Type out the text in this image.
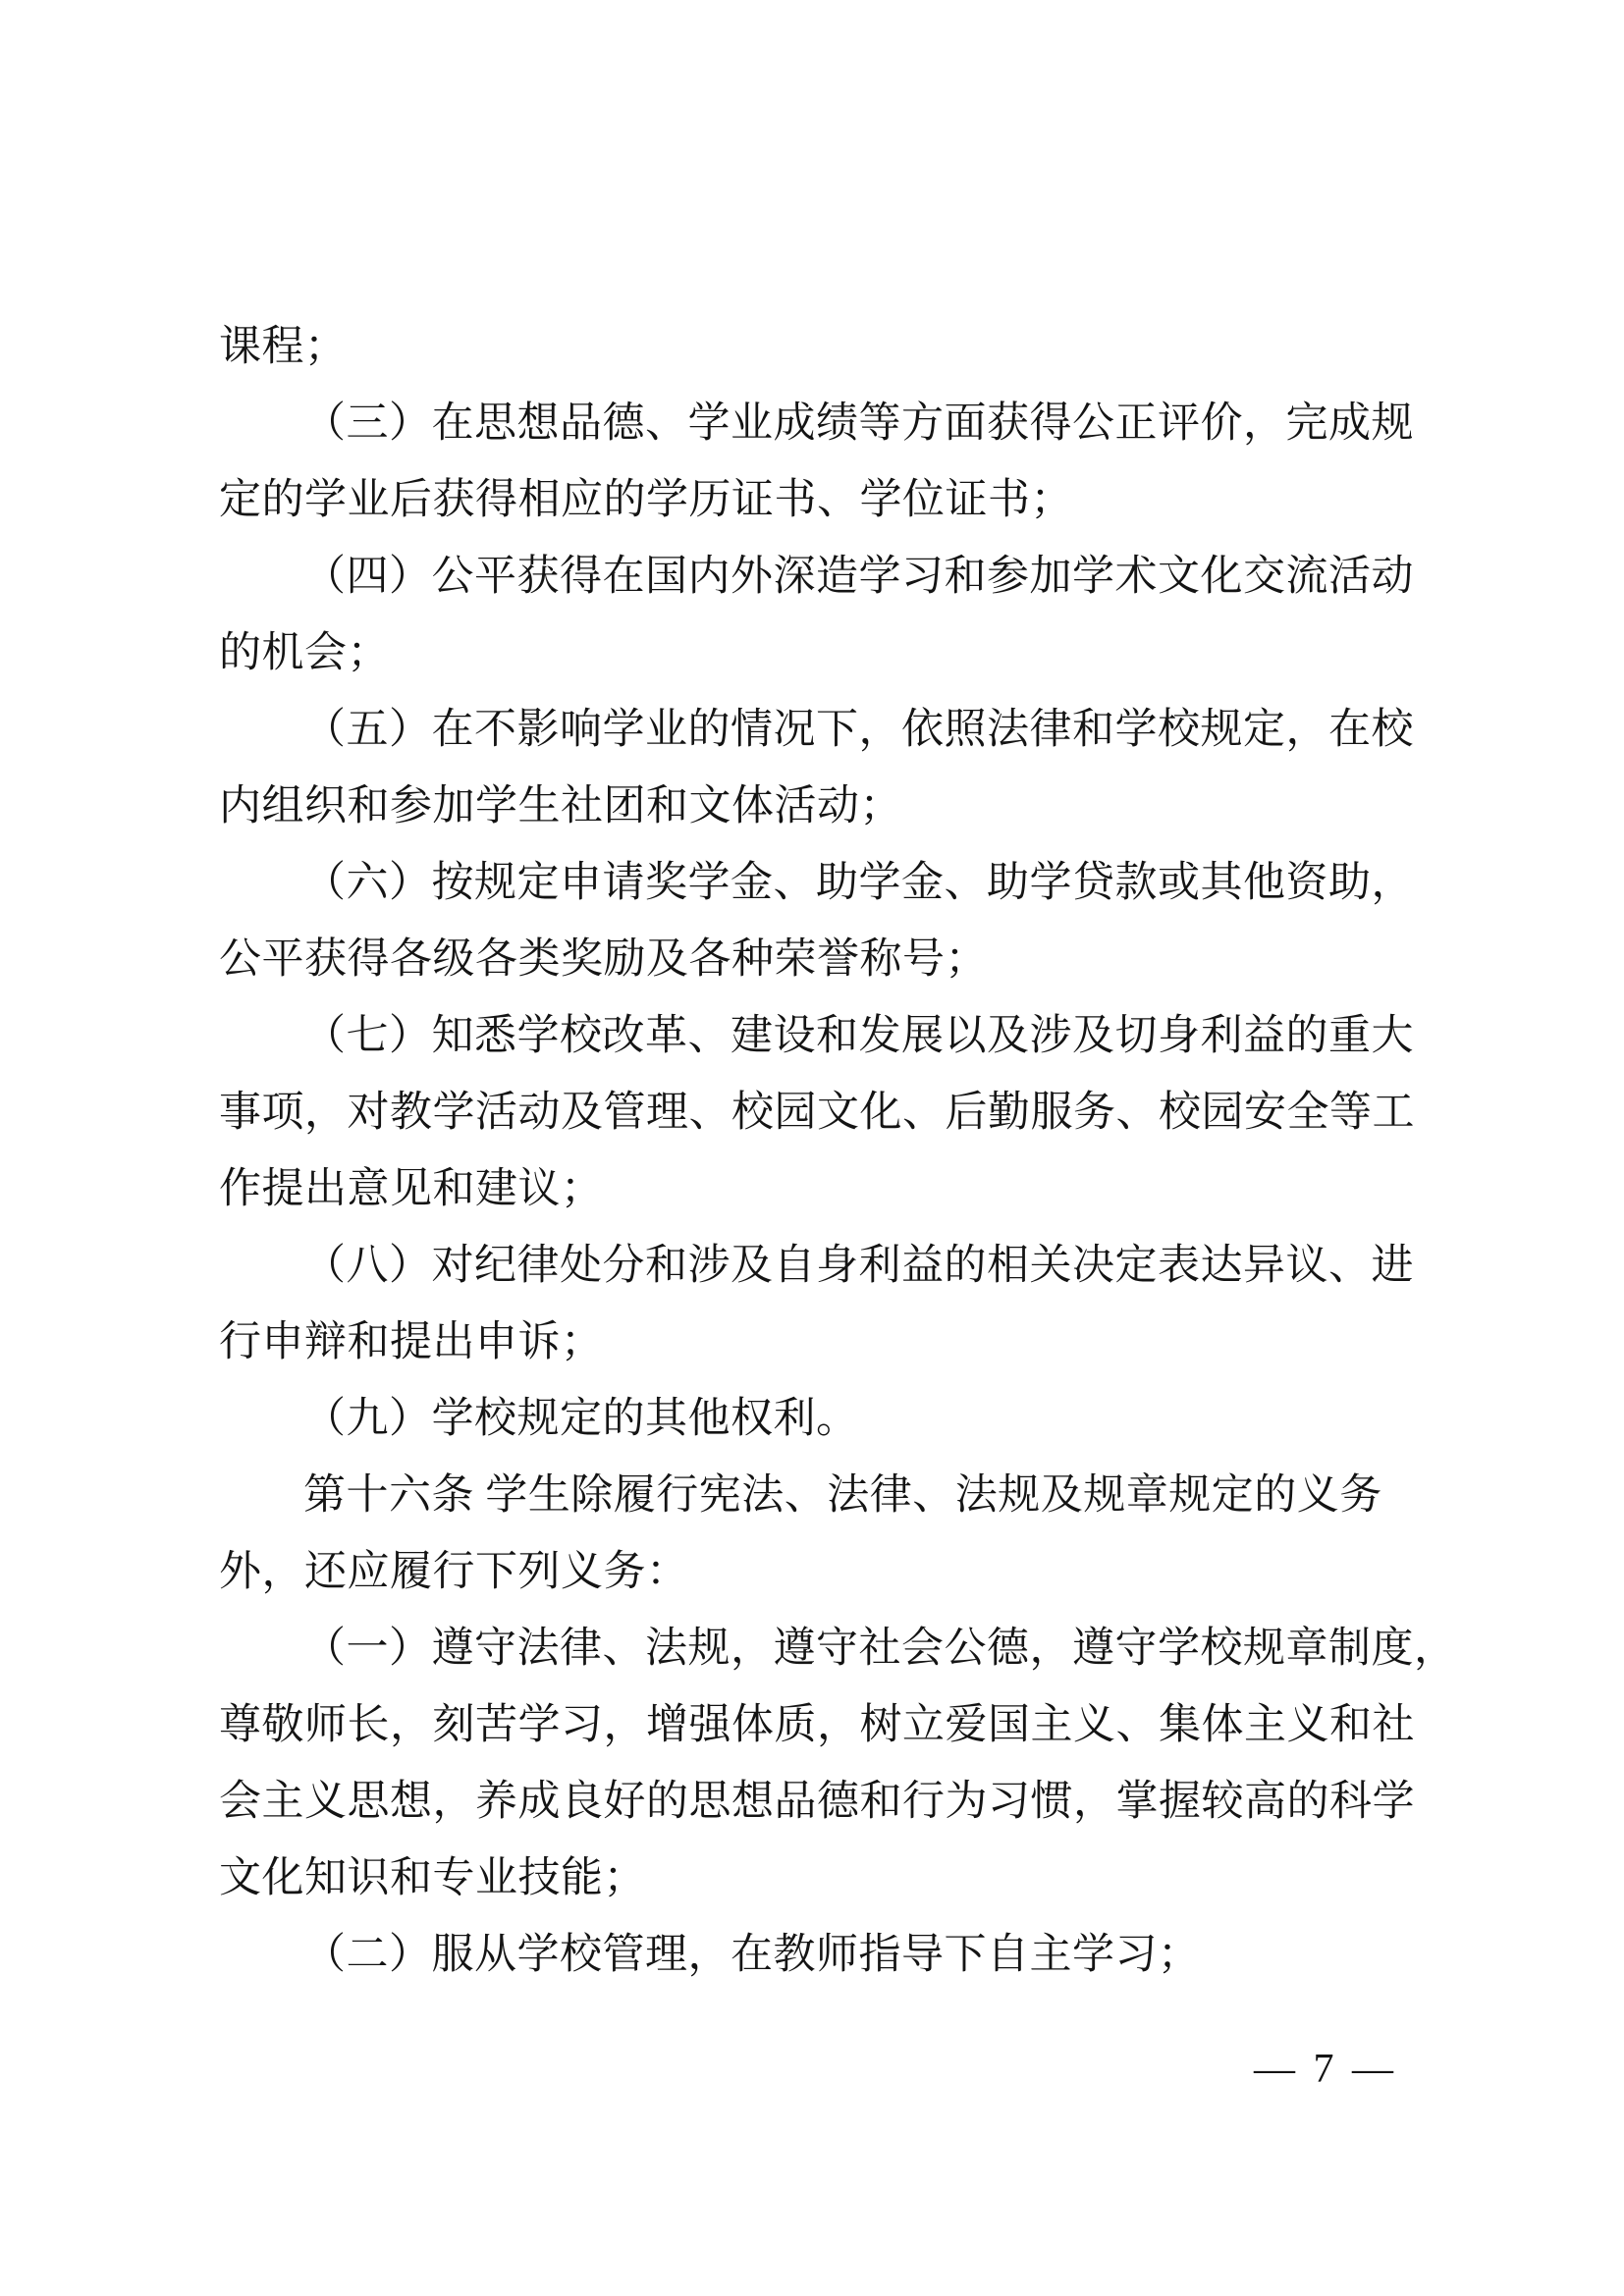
课程；
（三）在思想品德、学业成绩等方面获得公正评价，完成规
定的学业后获得相应的学历证书、学位证书；
（四）公平获得在国内外深造学习和参加学术文化交流活动
的机会；
（五）在不影响学业的情况下，依照法律和学校规定，在校
内组织和参加学生社团和文体活动；
（六）按规定申请奖学金、助学金、助学贷款或其他资助，
公平获得各级各类奖励及各种荣誉称号；
（七）知悉学校改革、建设和发展以及涉及切身利益的重大
事项，对教学活动及管理、校园文化、后勤服务、校园安全等工
作提出意见和建议；
（八）对纪律处分和涉及自身利益的相关决定表达异议、进
行申辩和提出申诉；
（九）学校规定的其他权利。
第十六条 学生除履行宪法、法律、法规及规章规定的义务
外，还应履行下列义务：
（一）遵守法律、法规，遵守社会公德，遵守学校规章制度，
尊敬师长，刻苦学习，增强体质，树立爱国主义、集体主义和社
会主义思想，养成良好的思想品德和行为习惯，掌握较高的科学
文化知识和专业技能；
（二）服从学校管理，在教师指导下自主学习；
— 7 —
